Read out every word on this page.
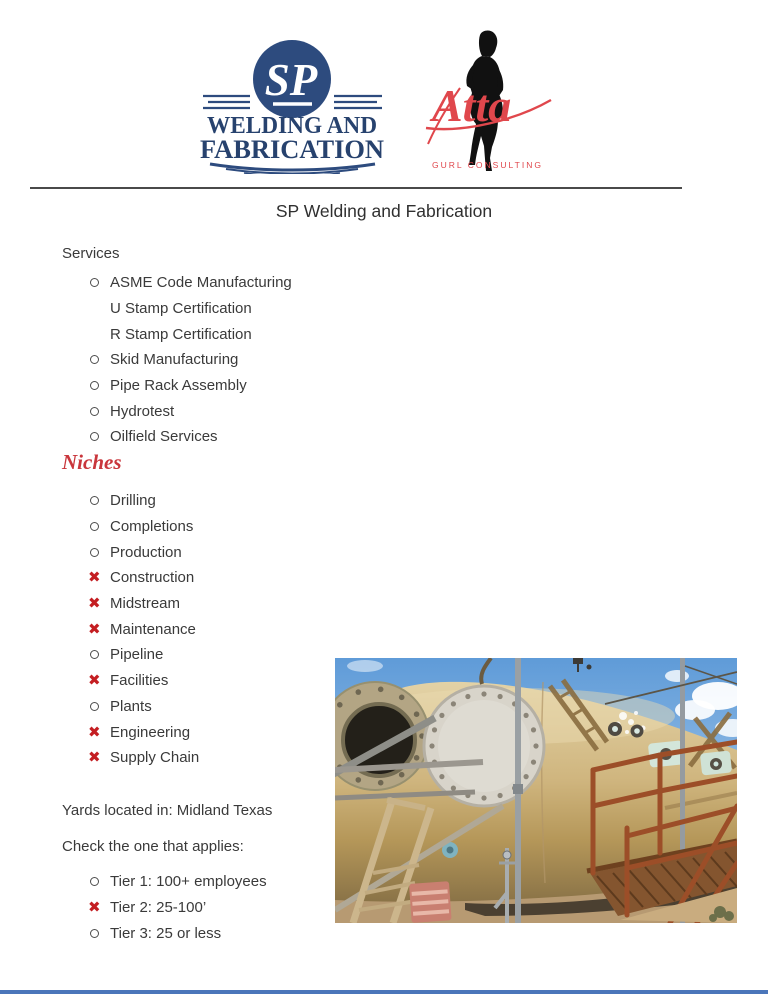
SP
WELDING AND
FABRICATION
Atta
GURL CONSULTING
SP Welding and Fabrication
Services
ASME Code Manufacturing
U Stamp Certification
R Stamp Certification
Skid Manufacturing
Pipe Rack Assembly
Hydrotest
Oilfield Services
Niches
Drilling
Completions
Production
✖ Construction
✖ Midstream
✖ Maintenance
Pipeline
✖ Facilities
Plants
✖ Engineering
✖ Supply Chain
Yards located in: Midland Texas
Check the one that applies:
Tier 1: 100+ employees
✖ Tier 2: 25-100’
Tier 3: 25 or less
